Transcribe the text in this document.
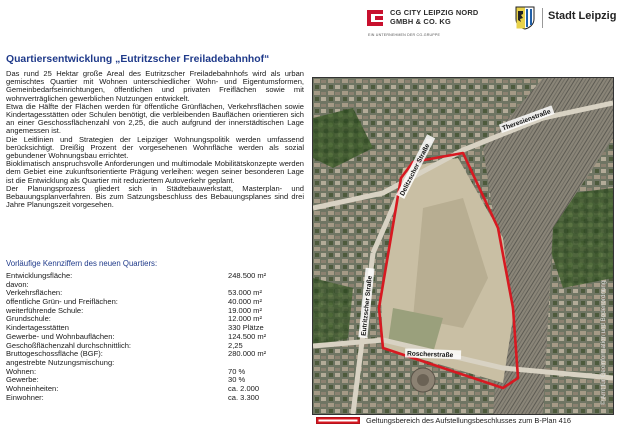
CG CITY LEIPZIG NORD
GMBH & CO. KG
EIN UNTERNEHMEN DER CG-GRUPPE
Stadt Leipzig
Quartiersentwicklung „Eutritzscher Freiladebahnhof“

Das rund 25 Hektar große Areal des Eutritzscher Freiladebahnhofs wird als urban gemischtes Quartier mit Wohnen unterschiedlicher Wohn- und Eigentumsformen, Gemeinbedarfseinrichtungen, öffentlichen und privaten Freiflächen sowie mit wohnverträglichen gewerblichen Nutzungen entwickelt.

Etwa die Hälfte der Flächen werden für öffentliche Grünflächen, Verkehrsflächen sowie Kindertagesstätten oder Schulen benötigt, die verbleibenden Bauflächen orientieren sich an einer Geschossflächenzahl von 2,25, die auch aufgrund der innerstädtischen Lage angemessen ist.

Die Leitlinien und Strategien der Leipziger Wohnungspolitik werden umfassend berücksichtigt. Dreißig Prozent der vorgesehenen Wohnfläche werden als sozial gebundener Wohnungsbau errichtet.

Bioklimatisch anspruchsvolle Anforderungen und multimodale Mobilitätskonzepte werden dem Gebiet eine zukunftsorientierte Prägung verleihen: wegen seiner besonderen Lage ist die Entwicklung als Quartier mit reduziertem Autoverkehr geplant.

Der Planungsprozess gliedert sich in Städtebauwerkstatt, Masterplan- und Bebauungsplanverfahren. Bis zum Satzungsbeschluss des Bebauungsplanes sind drei Jahre Planungszeit vorgesehen.

Vorläufige Kennziffern des neuen Quartiers:
Entwicklungsfläche:	248.500 m²
davon:
Verkehrsflächen:	53.000 m²
öffentliche Grün- und Freiflächen:	40.000 m²
weiterführende Schule:	19.000 m²
Grundschule:	12.000 m²
Kindertagesstätten	330 Plätze
Gewerbe- und Wohnbauflächen:	124.500 m²
Geschoßflächenzahl durchschnittlich:	2,25
Bruttogeschossfläche (BGF):	280.000 m²
angestrebte Nutzungsmischung:
Wohnen:	70 %
Gewerbe:	30 %
Wohneinheiten:	ca. 2.000
Einwohner:	ca. 3.300
Theresienstraße
Delitzscher Straße
Eutritzscher Straße
Roscherstraße	© Amt für Geoinformation und Bodenordnung
Geltungsbereich des Aufstellungsbeschlusses zum B-Plan 416
